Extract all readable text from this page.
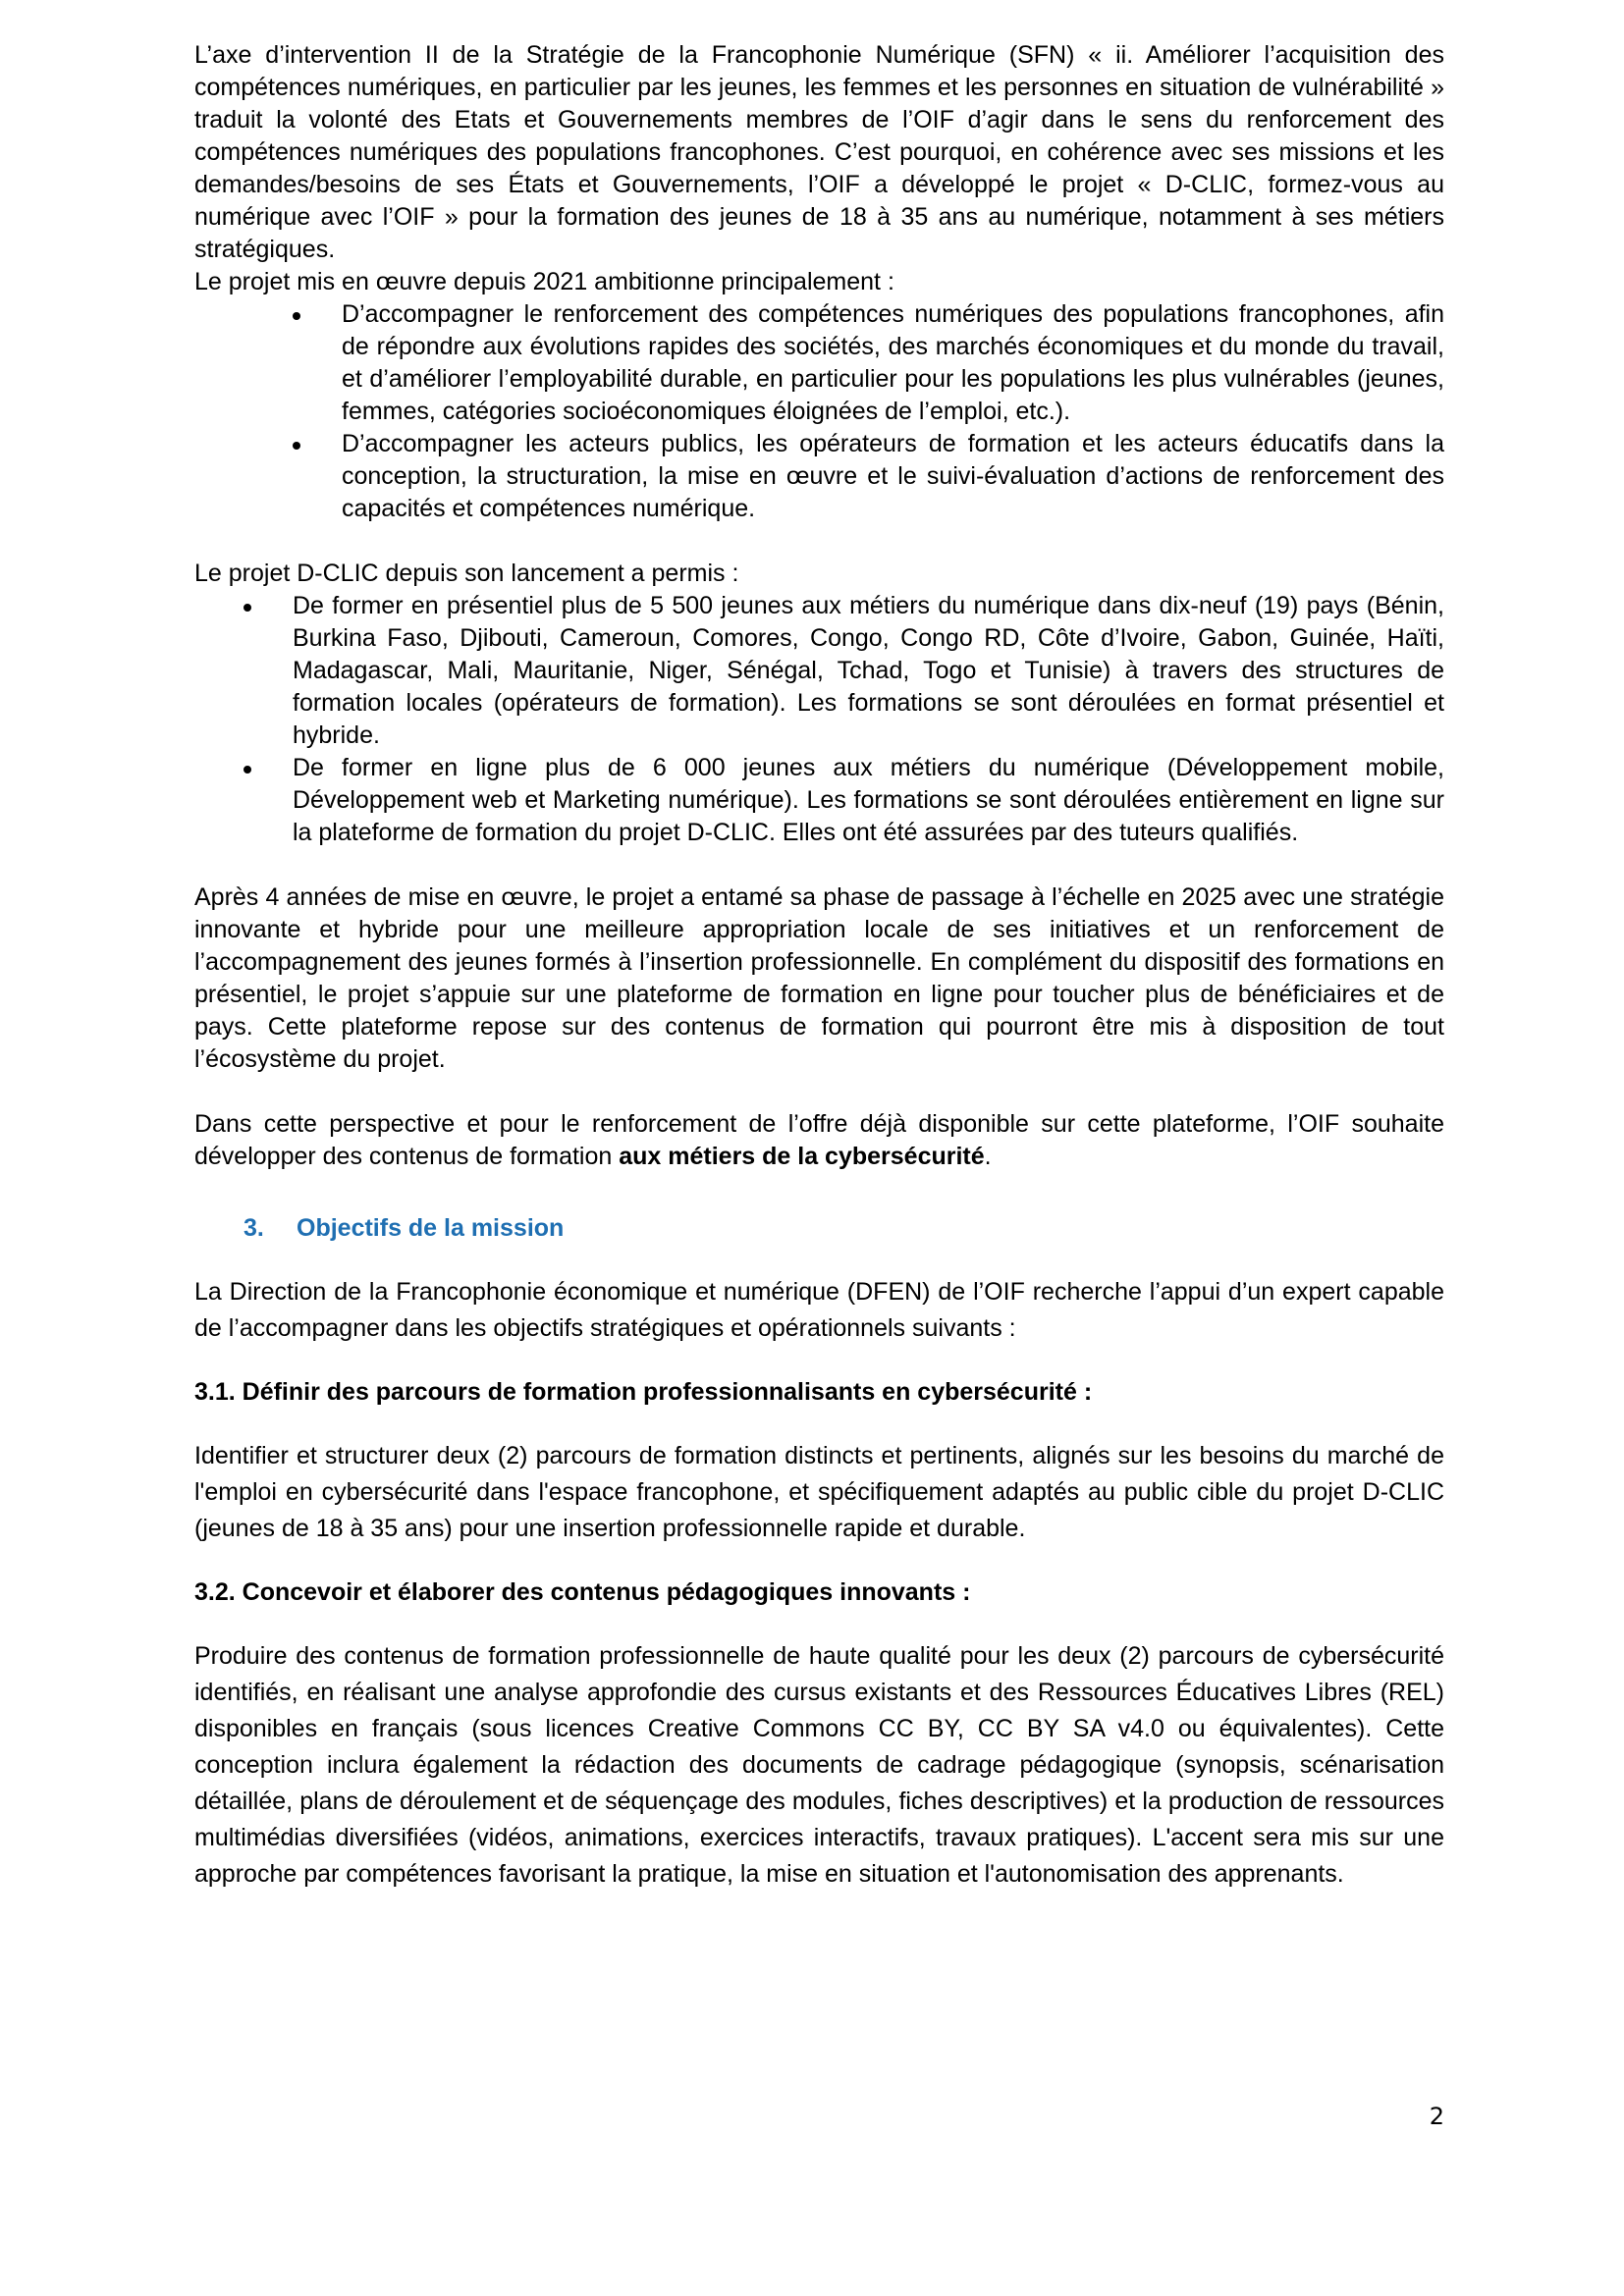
L’axe d’intervention II de la Stratégie de la Francophonie Numérique (SFN) « ii. Améliorer l’acquisition des compétences numériques, en particulier par les jeunes, les femmes et les personnes en situation de vulnérabilité » traduit la volonté des Etats et Gouvernements membres de l’OIF d’agir dans le sens du renforcement des compétences numériques des populations francophones. C’est pourquoi, en cohérence avec ses missions et les demandes/besoins de ses États et Gouvernements, l’OIF a développé le projet « D-CLIC, formez-vous au numérique avec l’OIF » pour la formation des jeunes de 18 à 35 ans au numérique, notamment à ses métiers stratégiques.

Le projet mis en œuvre depuis 2021 ambitionne principalement :

D’accompagner le renforcement des compétences numériques des populations francophones, afin de répondre aux évolutions rapides des sociétés, des marchés économiques et du monde du travail, et d’améliorer l’employabilité durable, en particulier pour les populations les plus vulnérables (jeunes, femmes, catégories socioéconomiques éloignées de l’emploi, etc.).
D’accompagner les acteurs publics, les opérateurs de formation et les acteurs éducatifs dans la conception, la structuration, la mise en œuvre et le suivi-évaluation d’actions de renforcement des capacités et compétences numérique.

Le projet D-CLIC depuis son lancement a permis :

De former en présentiel plus de 5 500 jeunes aux métiers du numérique dans dix-neuf (19) pays (Bénin, Burkina Faso, Djibouti, Cameroun, Comores, Congo, Congo RD, Côte d’Ivoire, Gabon, Guinée, Haïti, Madagascar, Mali, Mauritanie, Niger, Sénégal, Tchad, Togo et Tunisie) à travers des structures de formation locales (opérateurs de formation). Les formations se sont déroulées en format présentiel et hybride.
De former en ligne plus de 6 000 jeunes aux métiers du numérique (Développement mobile, Développement web et Marketing numérique). Les formations se sont déroulées entièrement en ligne sur la plateforme de formation du projet D-CLIC. Elles ont été assurées par des tuteurs qualifiés.

Après 4 années de mise en œuvre, le projet a entamé sa phase de passage à l’échelle en 2025 avec une stratégie innovante et hybride pour une meilleure appropriation locale de ses initiatives et un renforcement de l’accompagnement des jeunes formés à l’insertion professionnelle. En complément du dispositif des formations en présentiel, le projet s’appuie sur une plateforme de formation en ligne pour toucher plus de bénéficiaires et de pays. Cette plateforme repose sur des contenus de formation qui pourront être mis à disposition de tout l’écosystème du projet.

Dans cette perspective et pour le renforcement de l’offre déjà disponible sur cette plateforme, l’OIF souhaite développer des contenus de formation aux métiers de la cybersécurité.

3.	Objectifs de la mission

La Direction de la Francophonie économique et numérique (DFEN) de l’OIF recherche l’appui d’un expert capable de l’accompagner dans les objectifs stratégiques et opérationnels suivants :

3.1. Définir des parcours de formation professionnalisants en cybersécurité :

Identifier et structurer deux (2) parcours de formation distincts et pertinents, alignés sur les besoins du marché de l'emploi en cybersécurité dans l'espace francophone, et spécifiquement adaptés au public cible du projet D-CLIC (jeunes de 18 à 35 ans) pour une insertion professionnelle rapide et durable.

3.2. Concevoir et élaborer des contenus pédagogiques innovants :

Produire des contenus de formation professionnelle de haute qualité pour les deux (2) parcours de cybersécurité identifiés, en réalisant une analyse approfondie des cursus existants et des Ressources Éducatives Libres (REL) disponibles en français (sous licences Creative Commons CC BY, CC BY SA v4.0 ou équivalentes). Cette conception inclura également la rédaction des documents de cadrage pédagogique (synopsis, scénarisation détaillée, plans de déroulement et de séquençage des modules, fiches descriptives) et la production de ressources multimédias diversifiées (vidéos, animations, exercices interactifs, travaux pratiques). L'accent sera mis sur une approche par compétences favorisant la pratique, la mise en situation et l'autonomisation des apprenants.

2
